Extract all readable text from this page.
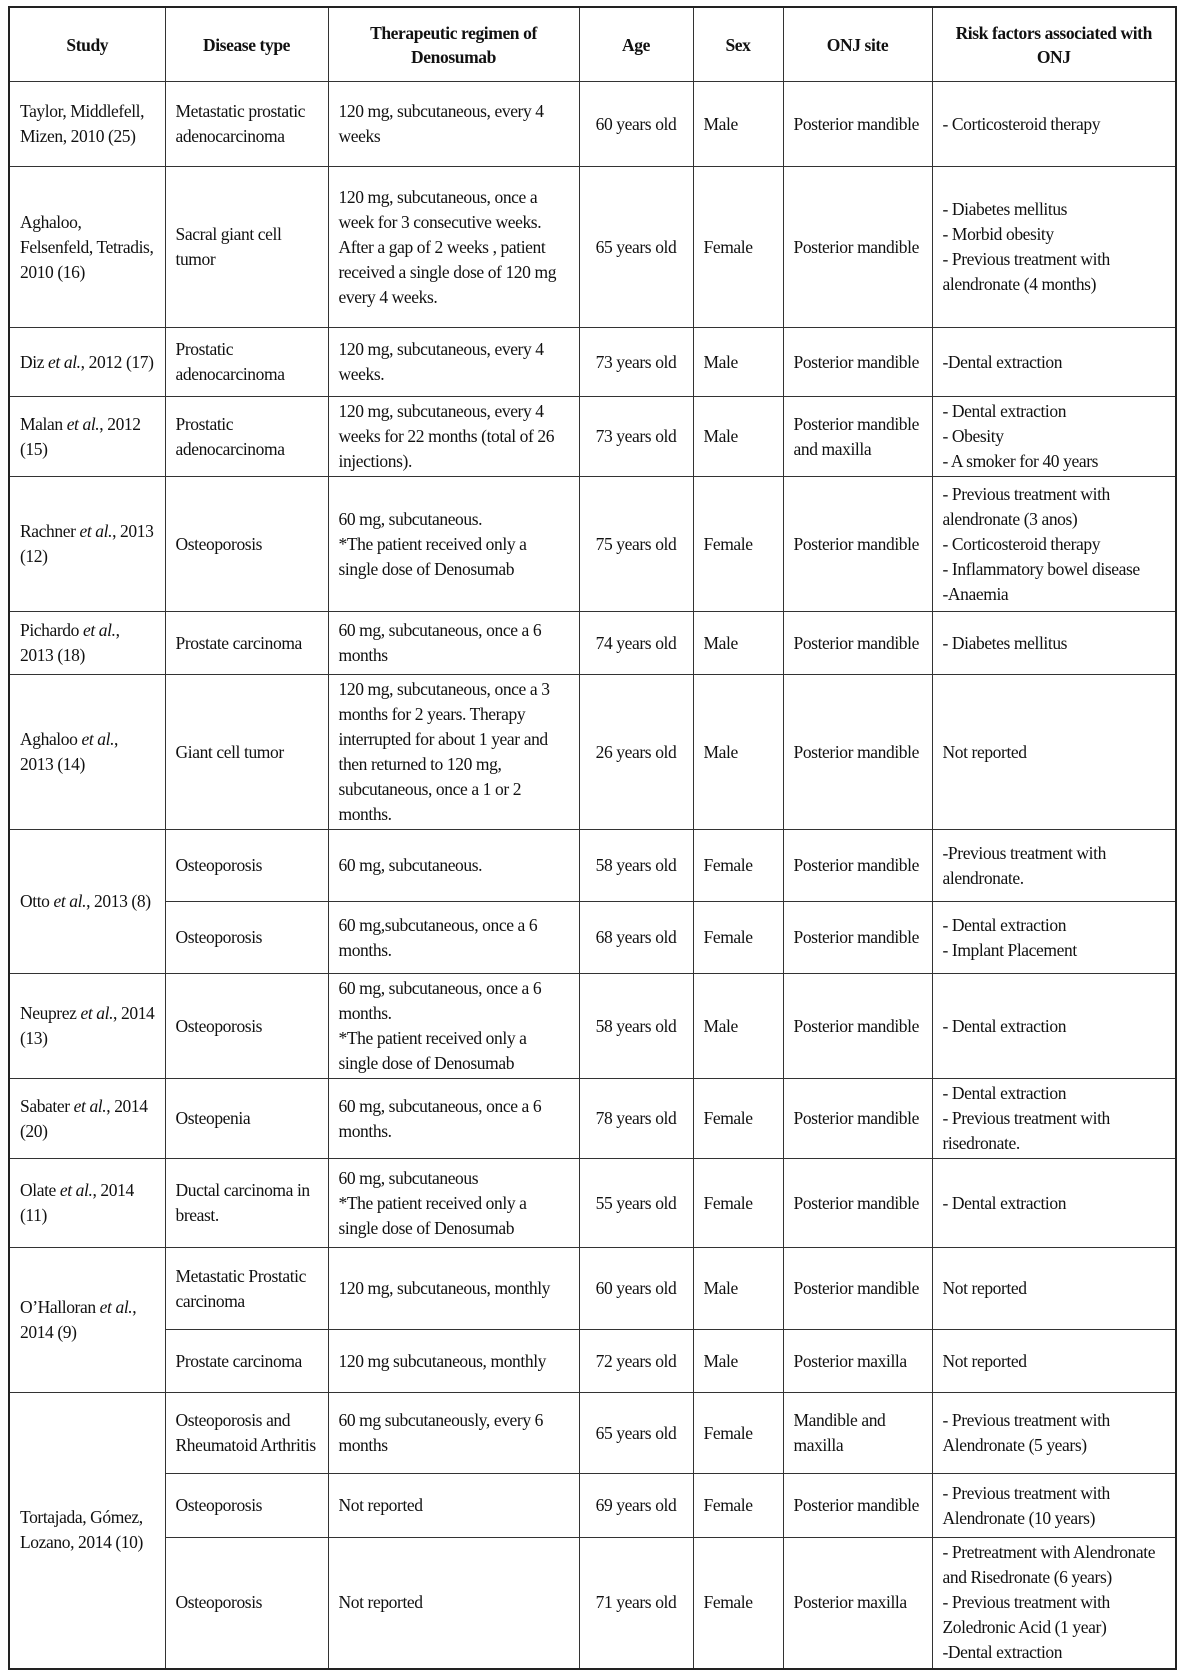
Study	Disease type	Therapeutic regimen of Denosumab	Age	Sex	ONJ site	Risk factors associated with ONJ
Taylor, Middlefell, Mizen, 2010 (25)	Metastatic prostatic adenocarcinoma	120 mg, subcutaneous, every 4 weeks	60 years old	Male	Posterior mandible	- Corticosteroid therapy

Aghaloo, Felsenfeld, Tetradis, 2010 (16)	Sacral giant cell tumor	120 mg, subcutaneous, once a week for 3 consecutive weeks. After a gap of 2 weeks , patient received a single dose of 120 mg every 4 weeks.	65 years old	Female	Posterior mandible	- Diabetes mellitus
- Morbid obesity
- Previous treatment with alendronate (4 months)

Diz et al., 2012 (17)	Prostatic adenocarcinoma	120 mg, subcutaneous, every 4 weeks.	73 years old	Male	Posterior mandible	-Dental extraction

Malan et al., 2012 (15)	Prostatic adenocarcinoma	120 mg, subcutaneous, every 4 weeks for 22 months (total of 26 injections).	73 years old	Male	Posterior mandible and maxilla	- Dental extraction
- Obesity
- A smoker for 40 years

Rachner et al., 2013 (12)	Osteoporosis	60 mg, subcutaneous.
*The patient received only a single dose of Denosumab	75 years old	Female	Posterior mandible	- Previous treatment with alendronate (3 anos)
- Corticosteroid therapy
- Inflammatory bowel disease
-Anaemia

Pichardo et al., 2013 (18)	Prostate carcinoma	60 mg, subcutaneous, once a 6 months	74 years old	Male	Posterior mandible	- Diabetes mellitus

Aghaloo et al., 2013 (14)	Giant cell tumor	120 mg, subcutaneous, once a 3 months for 2 years. Therapy interrupted for about 1 year and then returned to 120 mg, subcutaneous, once a 1 or 2 months.	26 years old	Male	Posterior mandible	Not reported

Otto et al., 2013 (8)	Osteoporosis	60 mg, subcutaneous.	58 years old	Female	Posterior mandible	-Previous treatment with alendronate.

	Osteoporosis	60 mg,subcutaneous, once a 6 months.	68 years old	Female	Posterior mandible	- Dental extraction
- Implant Placement

Neuprez et al., 2014 (13)	Osteoporosis	60 mg, subcutaneous, once a 6 months.
*The patient received only a single dose of Denosumab	58 years old	Male	Posterior mandible	- Dental extraction

Sabater et al., 2014 (20)	Osteopenia	60 mg, subcutaneous, once a 6 months.	78 years old	Female	Posterior mandible	- Dental extraction
- Previous treatment with risedronate.

Olate et al., 2014 (11)	Ductal carcinoma in breast.	60 mg, subcutaneous
*The patient received only a single dose of Denosumab	55 years old	Female	Posterior mandible	- Dental extraction

O’Halloran et al., 2014 (9)	Metastatic Prostatic carcinoma	120 mg, subcutaneous, monthly	60 years old	Male	Posterior mandible	Not reported

	Prostate carcinoma	120 mg subcutaneous, monthly	72 years old	Male	Posterior maxilla	Not reported

Tortajada, Gómez, Lozano, 2014 (10)	Osteoporosis and Rheumatoid Arthritis	60 mg subcutaneously, every 6 months	65 years old	Female	Mandible and maxilla	- Previous treatment with Alendronate (5 years)

	Osteoporosis	Not reported	69 years old	Female	Posterior mandible	- Previous treatment with Alendronate (10 years)

	Osteoporosis	Not reported	71 years old	Female	Posterior maxilla	- Pretreatment with Alendronate and Risedronate (6 years)
- Previous treatment with Zoledronic Acid (1 year)
-Dental extraction
